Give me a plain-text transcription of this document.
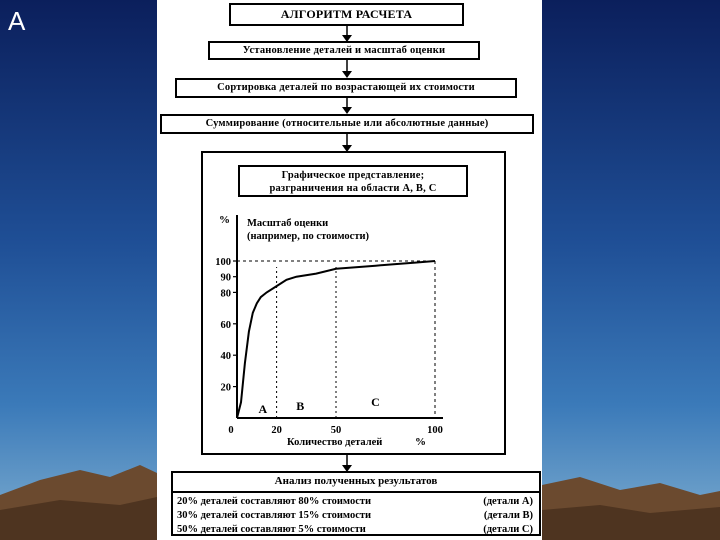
A	АЛГОРИТМ РАСЧЕТА
Установление деталей и масштаб оценки
Сортировка деталей по возрастающей их стоимости
Суммирование (относительные или абсолютные данные)
Графическое представление;
разграничения на области A, B, C
% Масштаб оценки
(например, по стоимости)
Количество деталей	%
20
40
60
80
90
100
0	20	50	100
A B	C
Анализ полученных результатов
20% деталей составляют 80% стоимости	(детали А)
30% деталей составляют 15% стоимости	(детали В)
50% деталей составляют 5% стоимости	(детали С)
